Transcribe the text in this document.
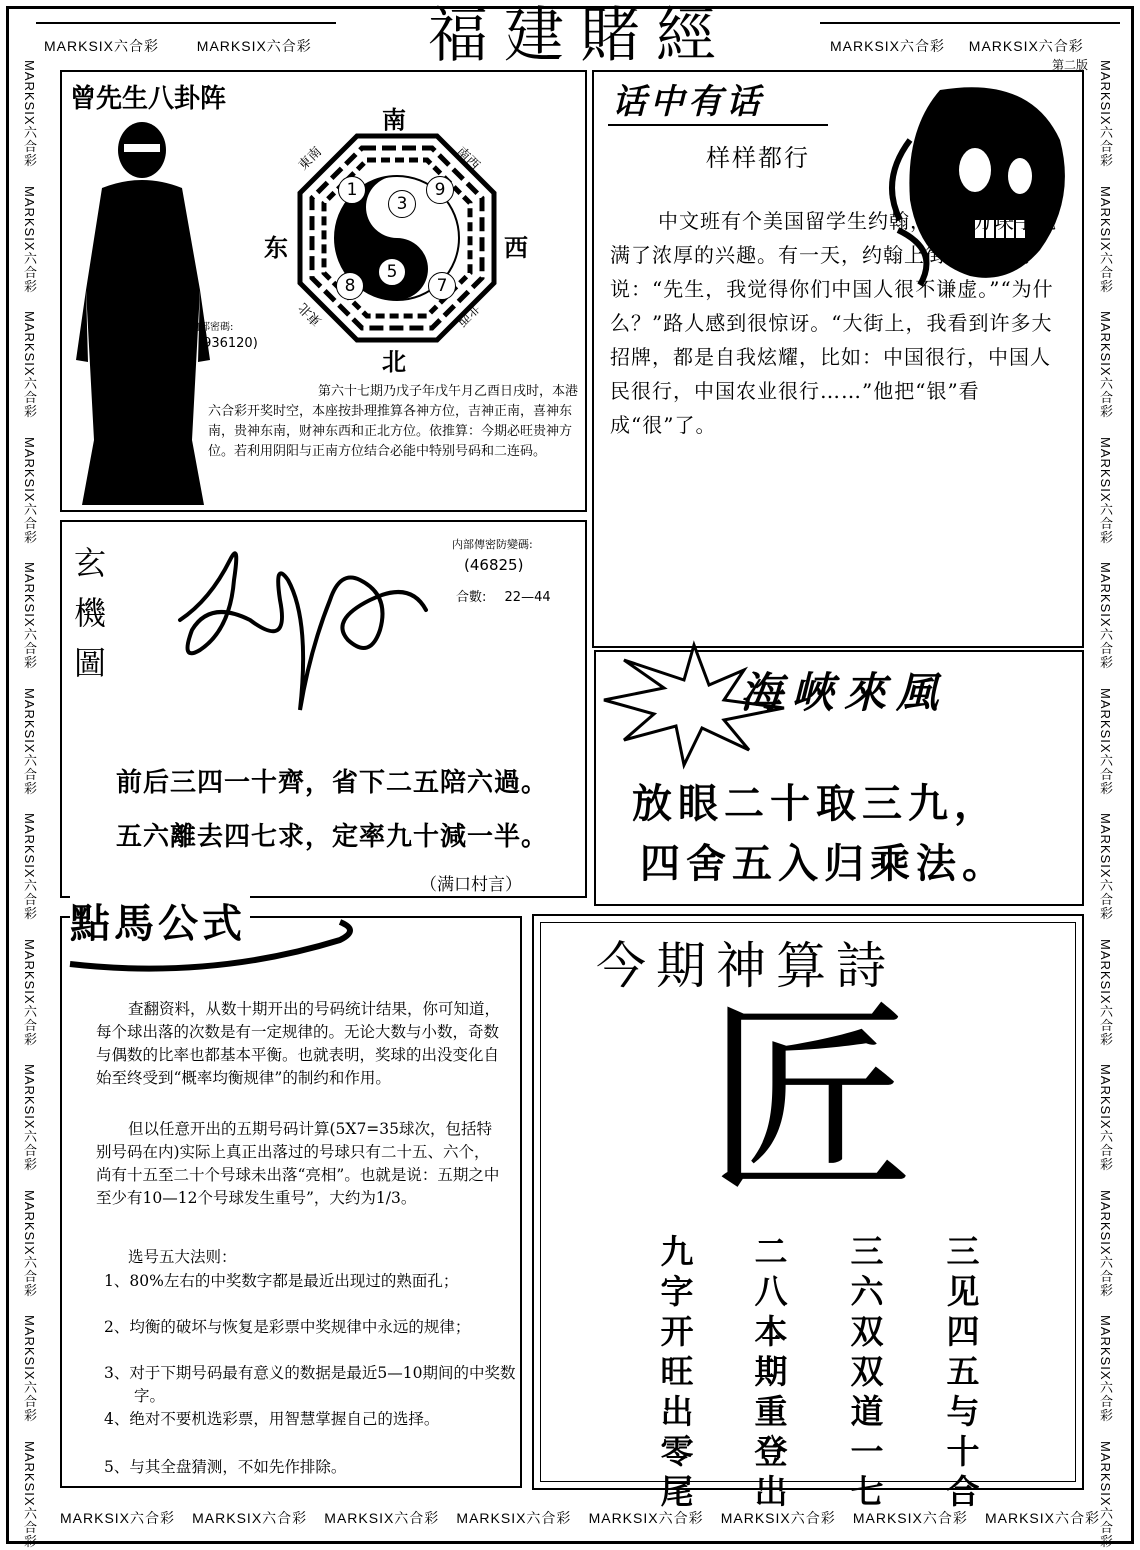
福建賭經
MARKSIX六合彩	MARKSIX六合彩	MARKSIX六合彩 MARKSIX六合彩
第二版
MARKSIX六合彩
MARKSIX六合彩
MARKSIX六合彩
MARKSIX六合彩
MARKSIX六合彩
MARKSIX六合彩
MARKSIX六合彩
MARKSIX六合彩
MARKSIX六合彩
MARKSIX六合彩
MARKSIX六合彩
MARKSIX六合彩
MARKSIX六合彩
MARKSIX六合彩
MARKSIX六合彩
MARKSIX六合彩
MARKSIX六合彩
MARKSIX六合彩
MARKSIX六合彩
MARKSIX六合彩
MARKSIX六合彩
MARKSIX六合彩
MARKSIX六合彩
MARKSIX六合彩
MARKSIX六合彩 MARKSIX六合彩 MARKSIX六合彩 MARKSIX六合彩 MARKSIX六合彩 MARKSIX六合彩 MARKSIX六合彩 MARKSIX六合彩
曾先生八卦阵
内部密碼:
(936120)
南
北
东	西
東南	南西
東北	北西
1
3
9
5
8	7
第六十七期乃戊子年戊午月乙酉日戌时，本港六合彩开奖时空，本座按卦理推算各神方位，吉神正南，喜神东南，贵神东南，财神东西和正北方位。依推算：今期必旺贵神方位。若利用阴阳与正南方位结合必能中特别号码和二连码。
话中有话
样样都行
中文班有个美国留学生约翰，他对方块字充满了浓厚的兴趣。有一天，约翰上街对一路人说：“先生，我觉得你们中国人很不谦虚。”“为什么？”路人感到很惊讶。“大街上，我看到许多大招牌，都是自我炫耀，比如：中国很行，中国人民很行，中国农业很行……”他把“银”看成“很”了。
玄
機
圖
内部傳密防變碼:
(46825)
合數: 22—44
前后三四一十齊，省下二五陪六過。
五六離去四七求，定率九十減一半。
（满口村言）
海峽來風
放眼二十取三九，
四舍五入归乘法。
點馬公式
查翻资料，从数十期开出的号码统计结果，你可知道，每个球出落的次数是有一定规律的。无论大数与小数，奇数与偶数的比率也都基本平衡。也就表明，奖球的出没变化自始至终受到“概率均衡规律”的制约和作用。
但以任意开出的五期号码计算(5X7=35球次，包括特别号码在内)实际上真正出落过的号球只有二十五、六个，尚有十五至二十个号球未出落“亮相”。也就是说：五期之中至少有10—12个号球发生重号”，大约为1/3。
选号五大法则：
1、80%左右的中奖数字都是最近出现过的熟面孔；
2、均衡的破坏与恢复是彩票中奖规律中永远的规律；
3、对于下期号码最有意义的数据是最近5—10期间的中奖数字。
4、绝对不要机选彩票，用智慧掌握自己的选择。
5、与其全盘猜测，不如先作排除。
今期神算詩
匠
九
字
开
旺
出
零
尾
二
八
本
期
重
登
出
三
六
双
双
道
一
七
三
见
四
五
与
十
合
